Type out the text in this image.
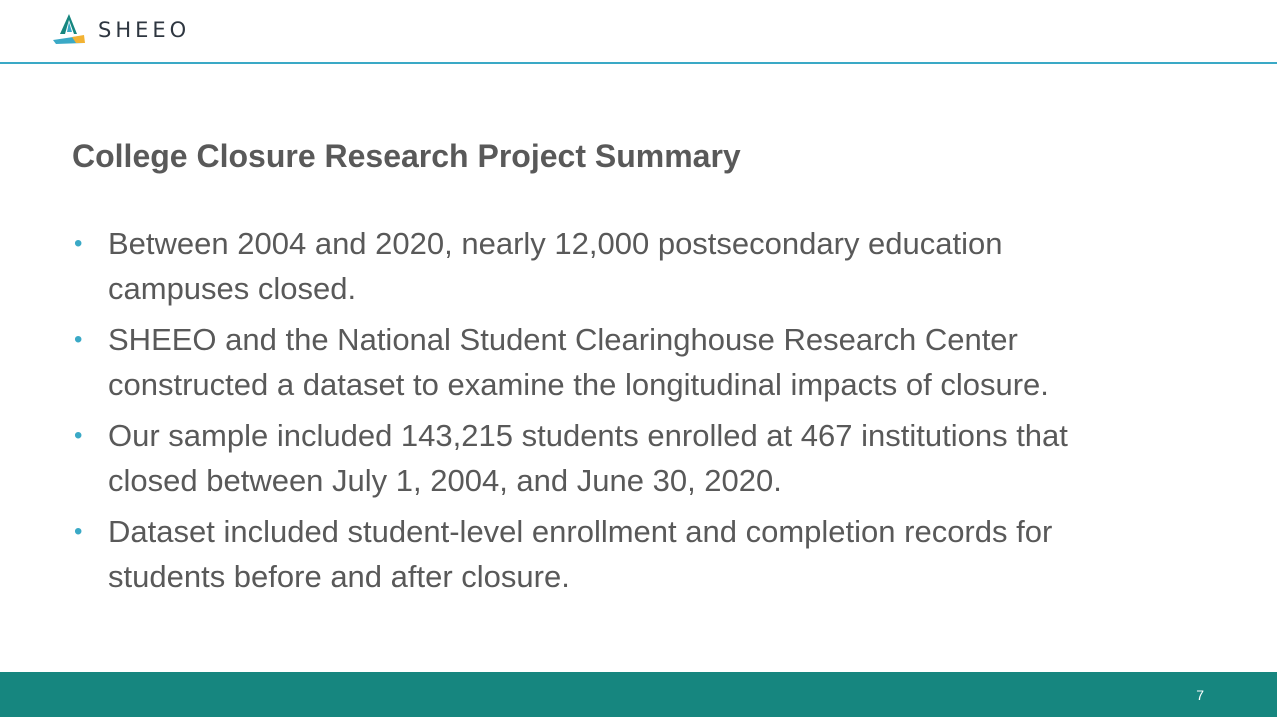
SHEEO
College Closure Research Project Summary
• Between 2004 and 2020, nearly 12,000 postsecondary education
campuses closed.
• SHEEO and the National Student Clearinghouse Research Center
constructed a dataset to examine the longitudinal impacts of closure.
• Our sample included 143,215 students enrolled at 467 institutions that
closed between July 1, 2004, and June 30, 2020.
• Dataset included student-level enrollment and completion records for
students before and after closure.
7
